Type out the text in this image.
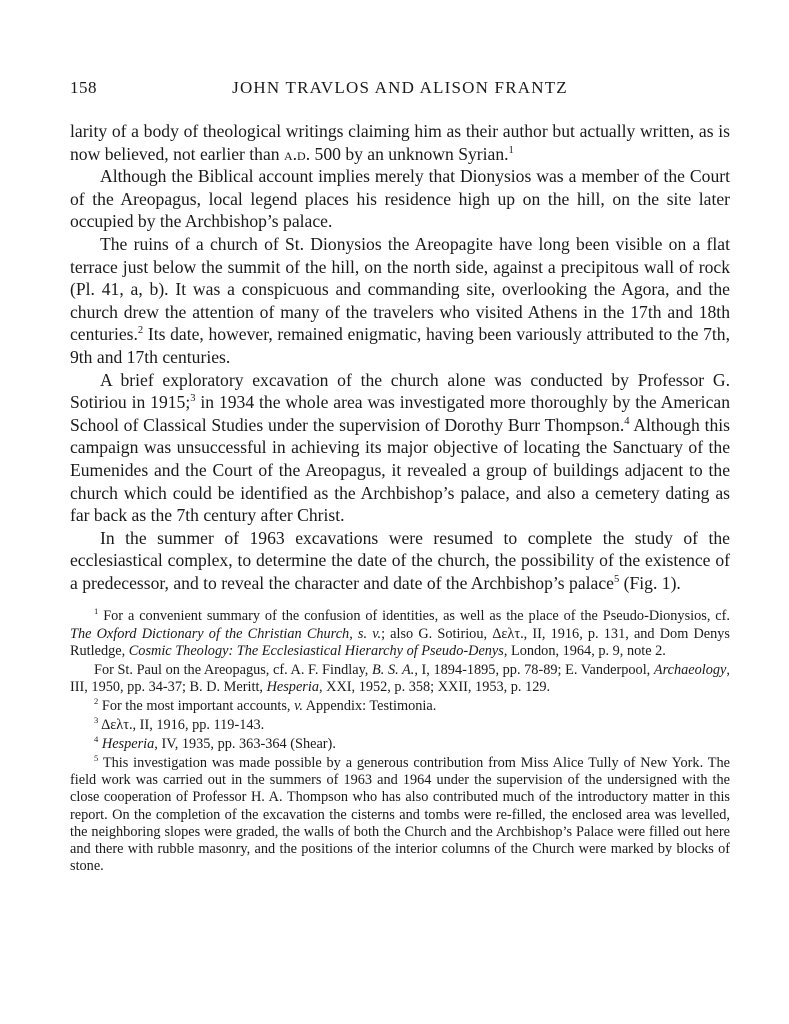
158	JOHN TRAVLOS AND ALISON FRANTZ

larity of a body of theological writings claiming him as their author but actually written, as is now believed, not earlier than a.d. 500 by an unknown Syrian.$^1$

Although the Biblical account implies merely that Dionysios was a member of the Court of the Areopagus, local legend places his residence high up on the hill, on the site later occupied by the Archbishop’s palace.

The ruins of a church of St. Dionysios the Areopagite have long been visible on a flat terrace just below the summit of the hill, on the north side, against a precipitous wall of rock (Pl. 41, a, b). It was a conspicuous and commanding site, overlooking the Agora, and the church drew the attention of many of the travelers who visited Athens in the 17th and 18th centuries.$^2$ Its date, however, remained enigmatic, having been variously attributed to the 7th, 9th and 17th centuries.

A brief exploratory excavation of the church alone was conducted by Professor G. Sotiriou in 1915;$^3$ in 1934 the whole area was investigated more thoroughly by the American School of Classical Studies under the supervision of Dorothy Burr Thompson.$^4$ Although this campaign was unsuccessful in achieving its major objective of locating the Sanctuary of the Eumenides and the Court of the Areopagus, it revealed a group of buildings adjacent to the church which could be identified as the Archbishop’s palace, and also a cemetery dating as far back as the 7th century after Christ.

In the summer of 1963 excavations were resumed to complete the study of the ecclesiastical complex, to determine the date of the church, the possibility of the existence of a predecessor, and to reveal the character and date of the Archbishop’s palace$^5$ (Fig. 1).

$^1$ For a convenient summary of the confusion of identities, as well as the place of the Pseudo-Dionysios, cf. The Oxford Dictionary of the Christian Church, s. v.; also G. Sotiriou, Δελτ., II, 1916, p. 131, and Dom Denys Rutledge, Cosmic Theology: The Ecclesiastical Hierarchy of Pseudo-Denys, London, 1964, p. 9, note 2.

For St. Paul on the Areopagus, cf. A. F. Findlay, B. S. A., I, 1894-1895, pp. 78-89; E. Vanderpool, Archaeology, III, 1950, pp. 34-37; B. D. Meritt, Hesperia, XXI, 1952, p. 358; XXII, 1953, p. 129.

$^2$ For the most important accounts, v. Appendix: Testimonia.

$^3$ Δελτ., II, 1916, pp. 119-143.

$^4$ Hesperia, IV, 1935, pp. 363-364 (Shear).

$^5$ This investigation was made possible by a generous contribution from Miss Alice Tully of New York. The field work was carried out in the summers of 1963 and 1964 under the supervision of the undersigned with the close cooperation of Professor H. A. Thompson who has also contributed much of the introductory matter in this report. On the completion of the excavation the cisterns and tombs were re-filled, the enclosed area was levelled, the neighboring slopes were graded, the walls of both the Church and the Archbishop’s Palace were filled out here and there with rubble masonry, and the positions of the interior columns of the Church were marked by blocks of stone.
